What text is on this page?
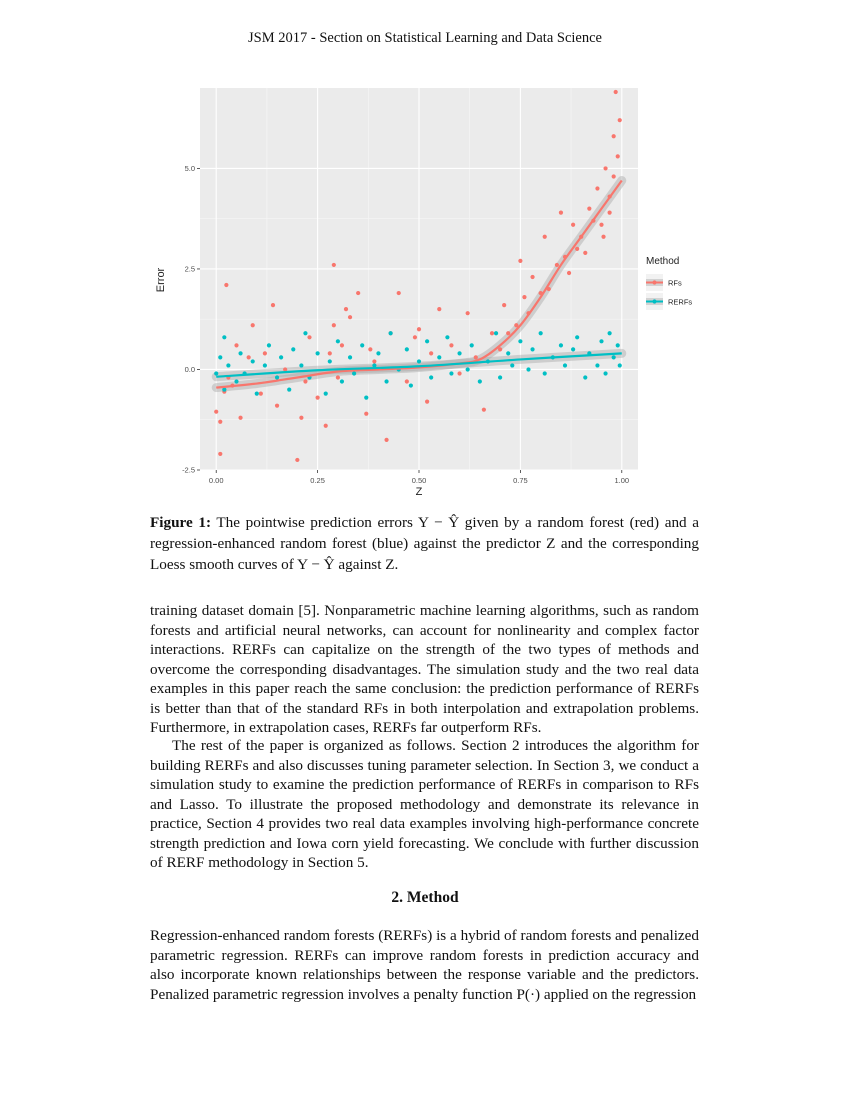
JSM 2017 - Section on Statistical Learning and Data Science
0.00	0.25	0.50	0.75	1.00
-2.5
0.0
2.5
5.0
Z
Error
Method
RFs
RERFs
Figure 1: The pointwise prediction errors Y − Ŷ given by a random forest (red) and a regression-enhanced random forest (blue) against the predictor Z and the corresponding Loess smooth curves of Y − Ŷ against Z.

training dataset domain [5]. Nonparametric machine learning algorithms, such as random forests and artificial neural networks, can account for nonlinearity and complex factor interactions. RERFs can capitalize on the strength of the two types of methods and overcome the corresponding disadvantages. The simulation study and the two real data examples in this paper reach the same conclusion: the prediction performance of RERFs is better than that of the standard RFs in both interpolation and extrapolation problems. Furthermore, in extrapolation cases, RERFs far outperform RFs.

The rest of the paper is organized as follows. Section 2 introduces the algorithm for building RERFs and also discusses tuning parameter selection. In Section 3, we conduct a simulation study to examine the prediction performance of RERFs in comparison to RFs and Lasso. To illustrate the proposed methodology and demonstrate its relevance in practice, Section 4 provides two real data examples involving high-performance concrete strength prediction and Iowa corn yield forecasting. We conclude with further discussion of RERF methodology in Section 5.

2. Method

Regression-enhanced random forests (RERFs) is a hybrid of random forests and penalized parametric regression. RERFs can improve random forests in prediction accuracy and also incorporate known relationships between the response variable and the predictors. Penalized parametric regression involves a penalty function P(·) applied on the regression
